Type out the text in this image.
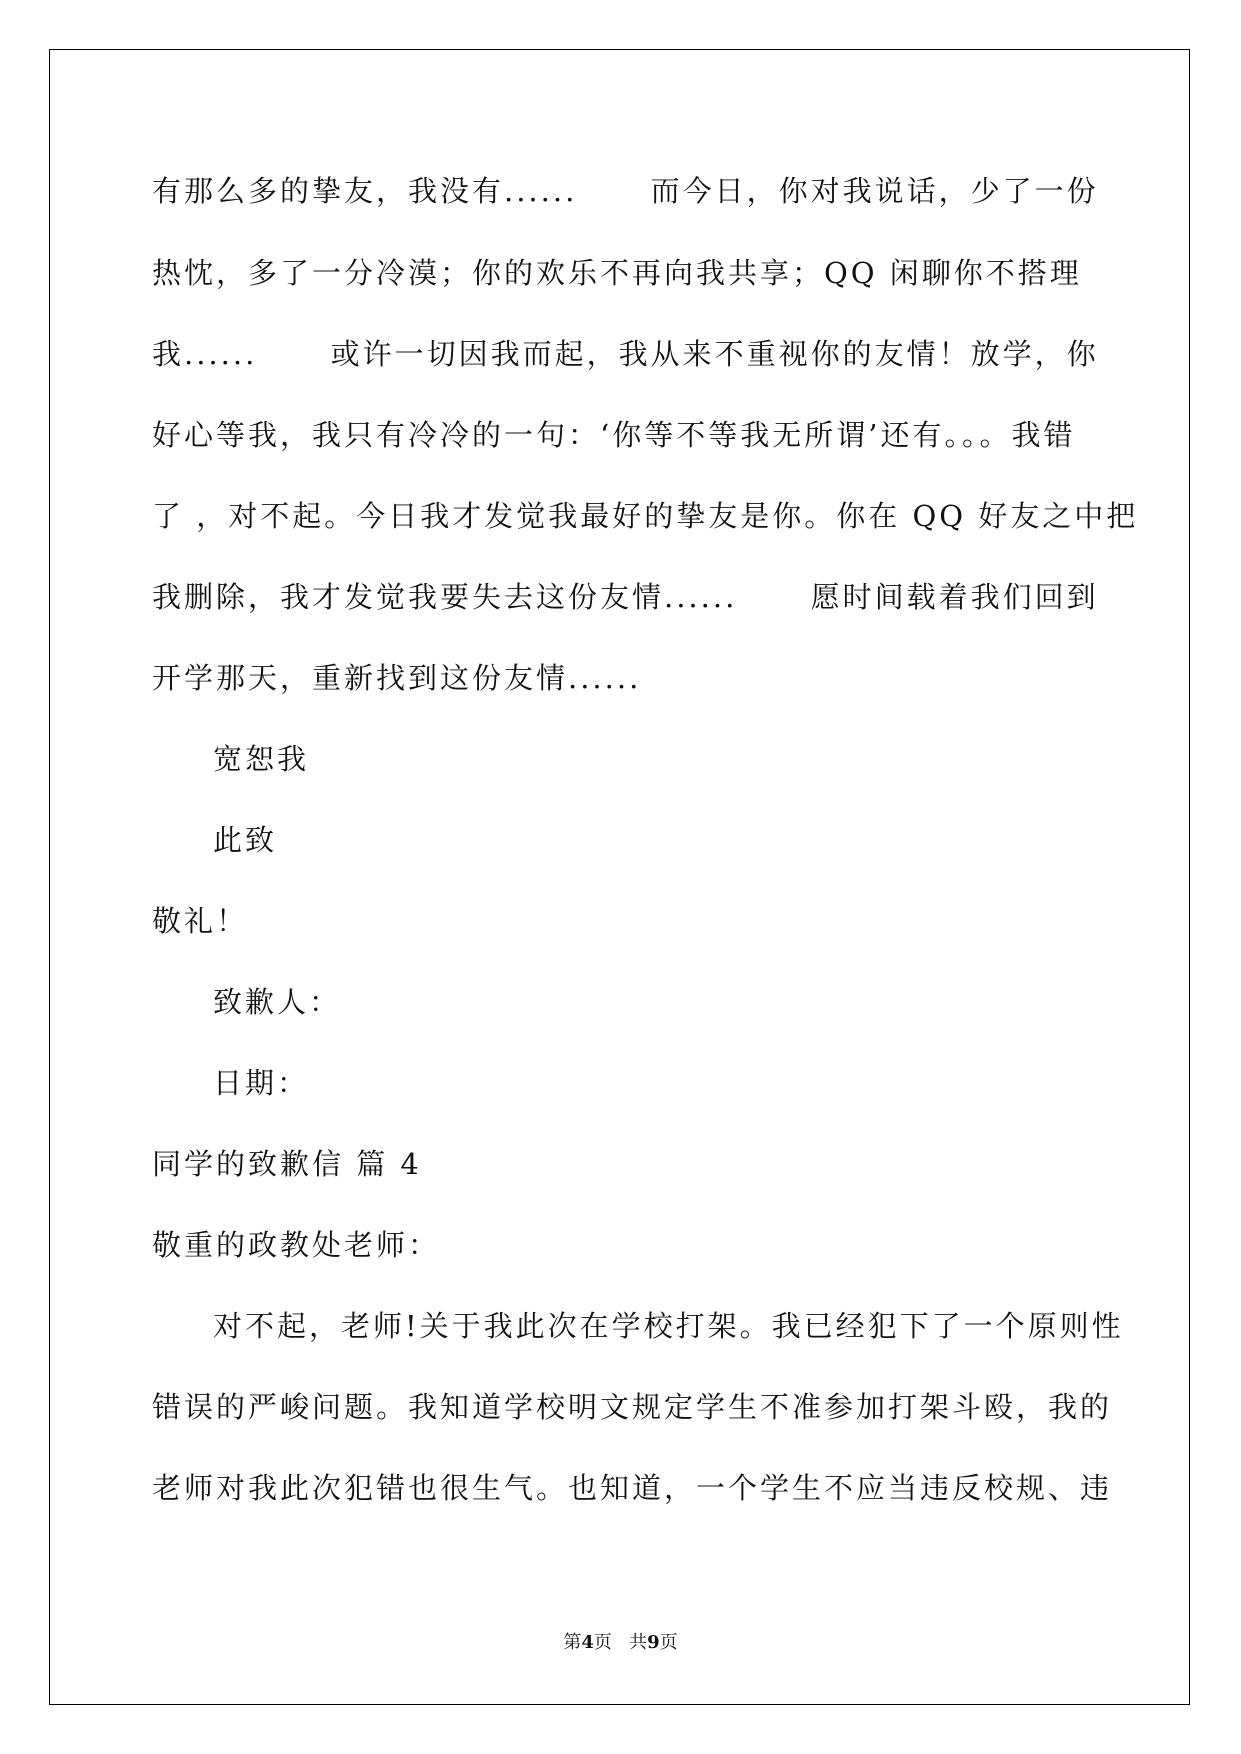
有那么多的挚友，我没有......      而今日，你对我说话，少了一份
热忱，多了一分冷漠；你的欢乐不再向我共享；QQ 闲聊你不搭理
我......      或许一切因我而起，我从来不重视你的友情！放学，你
好心等我，我只有冷冷的一句：‘你等不等我无所谓’还有。。。我错
了 ，对不起。今日我才发觉我最好的挚友是你。你在 QQ 好友之中把
我删除，我才发觉我要失去这份友情......      愿时间载着我们回到
开学那天，重新找到这份友情......
宽恕我
此致
敬礼！
致歉人：
日期：
同学的致歉信 篇 4
敬重的政教处老师：
对不起，老师!关于我此次在学校打架。我已经犯下了一个原则性
错误的严峻问题。我知道学校明文规定学生不准参加打架斗殴，我的
老师对我此次犯错也很生气。也知道，一个学生不应当违反校规、违
第4页   共9页
